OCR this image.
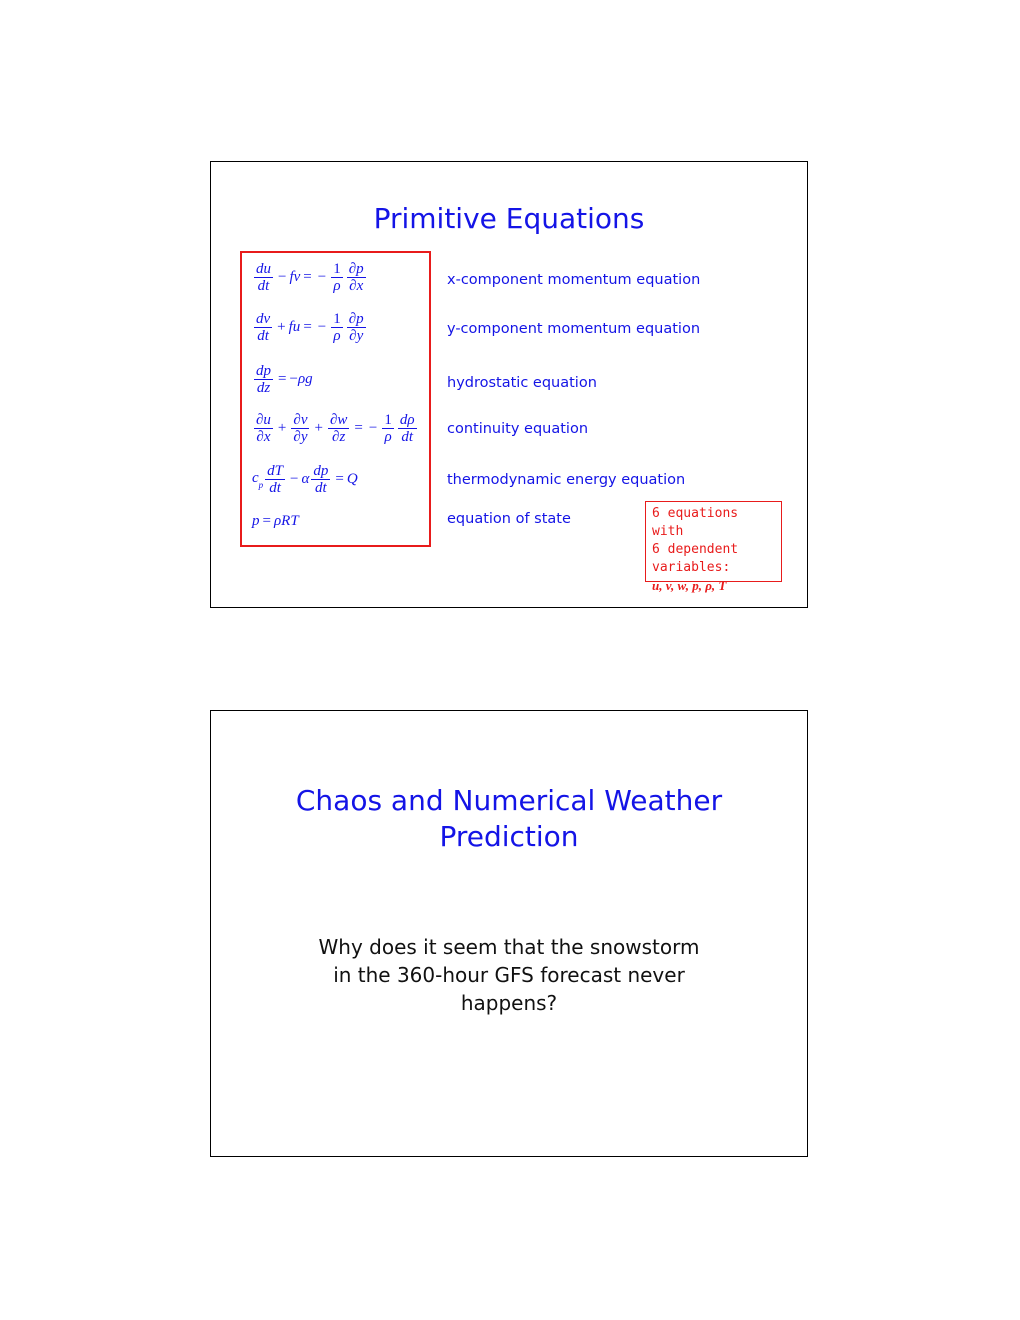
Primitive Equations
$\frac{du}{dt}$ − fv = − $\frac{1}{\rho} \frac{\partial p}{\partial x}$
$\frac{dv}{dt}$ + fu = − $\frac{1}{\rho} \frac{\partial p}{\partial y}$
$\frac{dp}{dz}$ = − ρg
$\frac{\partial u}{\partial x} + \frac{\partial v}{\partial y} + \frac{\partial w}{\partial z}$ = − $\frac{1}{\rho} \frac{d\rho}{dt}$
$c_p \frac{dT}{dt} - \alpha \frac{dp}{dt} = Q$
p = ρRT
x-component momentum equation
y-component momentum equation
hydrostatic equation
continuity equation
thermodynamic energy equation
equation of state	6 equations with
6 dependent
variables:
u, v, w, p, ρ, T
Chaos and Numerical Weather
Prediction
Why does it seem that the snowstorm
in the 360-hour GFS forecast never
happens?
